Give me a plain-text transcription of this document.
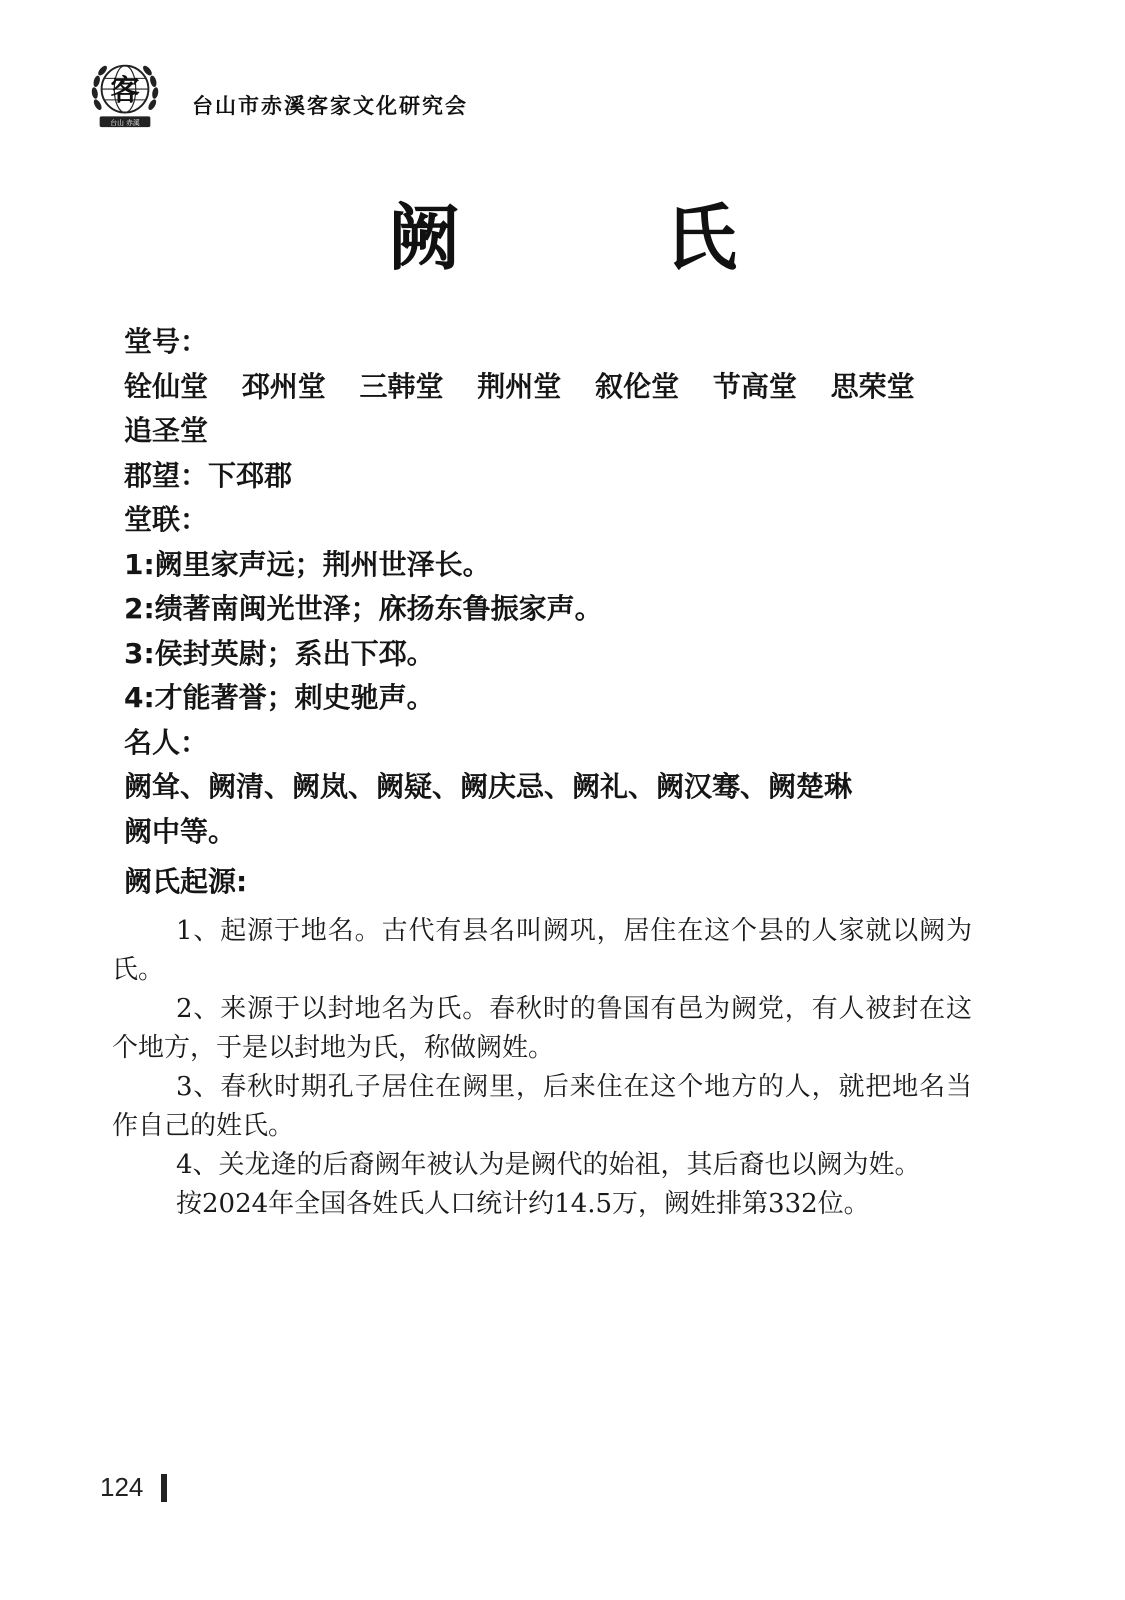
客
台山 赤溪
台山市赤溪客家文化研究会
阙 氏
堂号：
铨仙堂 邳州堂 三韩堂 荆州堂 叙伦堂 节高堂 思荣堂
追圣堂
郡望：下邳郡
堂联：
1:阙里家声远；荆州世泽长。
2:绩著南闽光世泽；庥扬东鲁振家声。
3:侯封英尉；系出下邳。
4:才能著誉；刺史驰声。
名人：
阙耸、阙清、阙岚、阙疑、阙庆忌、阙礼、阙汉骞、阙楚琳
阙中等。
阙氏起源:

1、起源于地名。古代有县名叫阙巩，居住在这个县的人家就以阙为氏。

2、来源于以封地名为氏。春秋时的鲁国有邑为阙党，有人被封在这个地方，于是以封地为氏，称做阙姓。

3、春秋时期孔子居住在阙里，后来住在这个地方的人，就把地名当作自己的姓氏。

4、关龙逄的后裔阙年被认为是阙代的始祖，其后裔也以阙为姓。

按2024年全国各姓氏人口统计约14.5万，阙姓排第332位。

124
